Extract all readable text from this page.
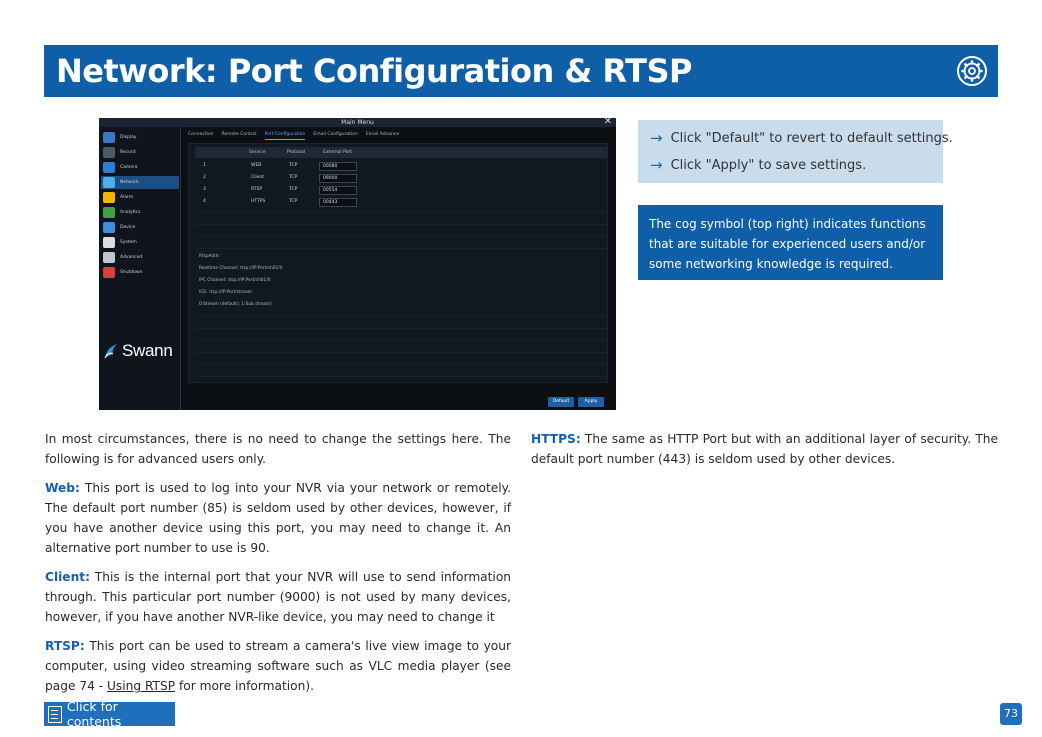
Network: Port Configuration & RTSP
Main Menu	✕
Display
Record
Camera
Network
Alarm
Analytics
Device
System
Advanced
Shutdown
Swann
Connection Remote Control Port Configuration Email Configuration Email Advance
Service	Protocol	External Port
1	WEB	TCP	00080
2	Client	TCP	09000
3	RTSP	TCP	00554
4	HTTPS	TCP	00443
RtspAddr:
Realtime Channel: rtsp://IP:Port/ch01/0
IPC Channel: rtsp://IP:Port/ch01/0
ICE: rtsp://IP:Port/stream
0:Stream (default); 1:Sub stream)
Default	Apply
→ Click "Default" to revert to default settings.
→ Click "Apply" to save settings.
The cog symbol (top right) indicates functions that are suitable for experienced users and/or some networking knowledge is required.

In most circumstances, there is no need to change the settings here. The following is for advanced users only.

Web: This port is used to log into your NVR via your network or remotely. The default port number (85) is seldom used by other devices, however, if you have another device using this port, you may need to change it. An alternative port number to use is 90.

Client: This is the internal port that your NVR will use to send information through. This particular port number (9000) is not used by many devices, however, if you have another NVR-like device, you may need to change it

RTSP: This port can be used to stream a camera's live view image to your computer, using video streaming software such as VLC media player (see page 74 - Using RTSP for more information).

HTTPS: The same as HTTP Port but with an additional layer of security. The default port number (443) is seldom used by other devices.

Click for contents
73
